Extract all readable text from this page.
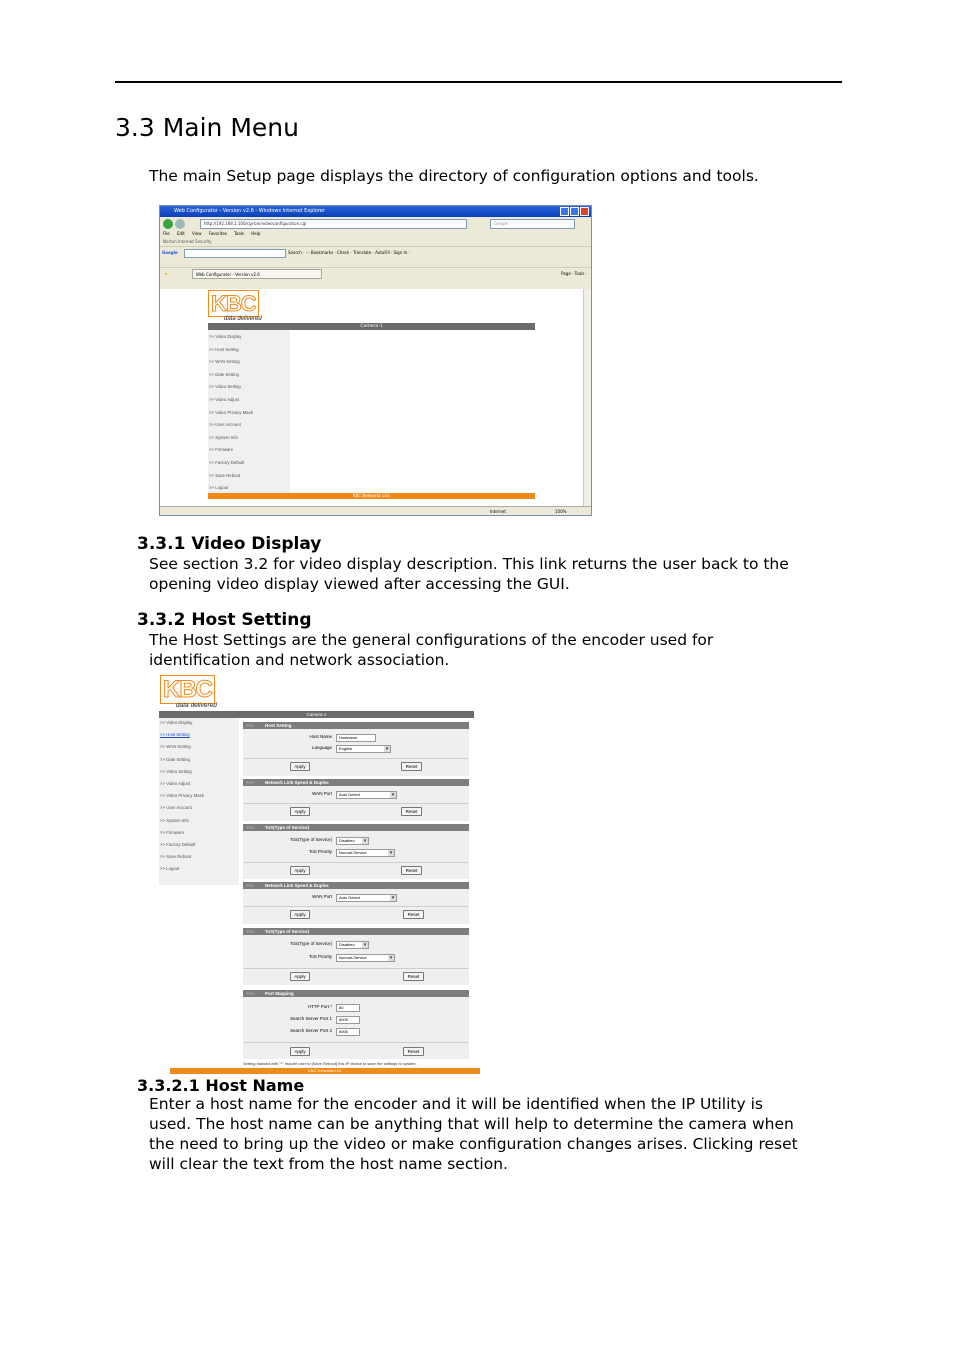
3.3 Main Menu
The main Setup page displays the directory of configuration options and tools.
Web Configurator - Version v2.6 - Windows Internet Explorer
http://192.168.1.100/cgi-bin/videoconfiguration.cgi	Google
File Edit View Favorites Tools Help
Norton Internet Security
Google	Search · ⋯ Bookmarks · Check · Translate · AutoFill · Sign In ·
★	Web Configurator - Version v2.6	Page · Tools ·
KBC
data delivered
Camera-1
KBC Networks Ltd.
>> Video Display
>> Host Setting
>> WAN Setting
>> Date Setting
>> Video Setting
>> Video Adjust
>> Video Privacy Mask
>> User Account
>> System Info
>> Firmware
>> Factory Default
>> Save Reboot
>> Logout
Internet	100%
3.3.1 Video Display
See section 3.2 for video display description. This link returns the user back to the
opening video display viewed after accessing the GUI.
3.3.2 Host Setting
The Host Settings are the general configurations of the encoder used for
identification and network association.
KBC
data delivered
Camera-1
<<< Host Setting
Host Name	Hostname
Language	English ▾
Apply	Reset
<<< Network Link Speed & Duplex
WAN Port	Auto Detect ▾
Apply	Reset
<<< ToS(Type of Service)
ToS(Type of Service)	Disabled ▾
ToS Priority	Normal-Service ▾
Apply	Reset
<<< Network Link Speed & Duplex
WAN Port	Auto Detect ▾
Apply	Reset
<<< ToS(Type of Service)
ToS(Type of Service)	Disabled ▾
ToS Priority	Normal-Service ▾
Apply	Reset
<<< Port Mapping
HTTP Port *	80
Search Server Port 1	6005
Search Server Port 2	6006
Apply	Reset
Setting marked with "*" require user to [Save Reboot] this IP device to save the settings to system.
KBC Networks Ltd.
>> Video Display
>> Host Setting
>> WAN Setting
>> Date Setting
>> Video Setting
>> Video Adjust
>> Video Privacy Mask
>> User Account
>> System Info
>> Firmware
>> Factory Default
>> Save Reboot
>> Logout
3.3.2.1 Host Name
Enter a host name for the encoder and it will be identified when the IP Utility is
used. The host name can be anything that will help to determine the camera when
the need to bring up the video or make configuration changes arises. Clicking reset
will clear the text from the host name section.
